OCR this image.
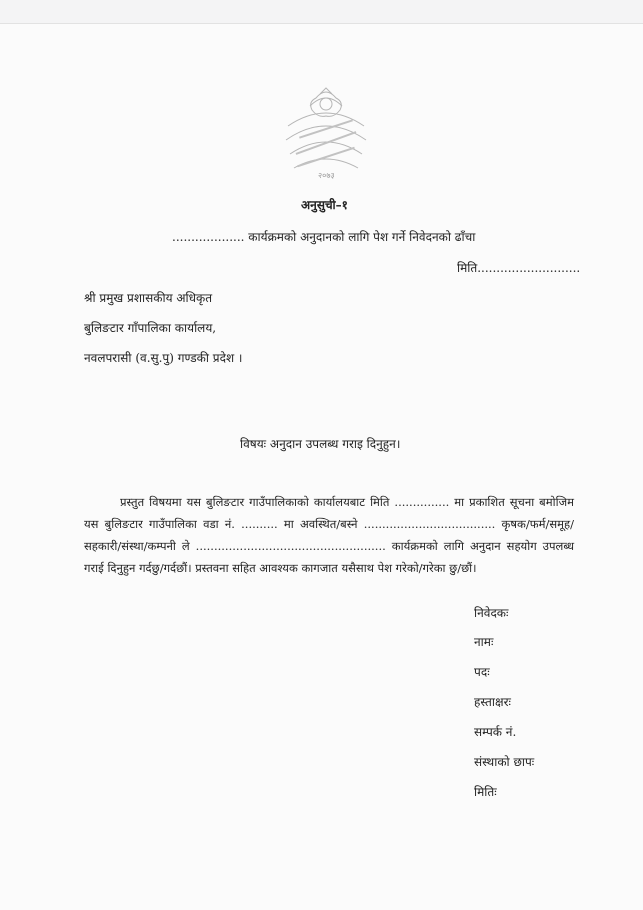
२०७३
अनुसुची–१
................... कार्यक्रमको अनुदानको लागि पेश गर्ने निवेदनको ढाँचा
मिति...........................
श्री प्रमुख प्रशासकीय अधिकृत
बुलिङटार गाँपालिका कार्यालय,
नवलपरासी (व.सु.पु) गण्डकी प्रदेश ।
विषयः अनुदान उपलब्ध गराइ दिनुहुन।
प्रस्तुत विषयमा यस बुलिङटार गाउँपालिकाको कार्यालयबाट मिति ............... मा प्रकाशित सूचना बमोजिम यस बुलिङटार गाउँपालिका वडा नं. .......... मा अवस्थित/बस्ने .................................... कृषक/फर्म/समूह/सहकारी/संस्था/कम्पनी ले .................................................... कार्यक्रमको लागि अनुदान सहयोग उपलब्ध गराई दिनुहुन गर्दछु/गर्दछौं। प्रस्तवना सहित आवश्यक कागजात यसैसाथ पेश गरेको/गरेका छु/छौं।
निवेदकः
नामः
पदः
हस्ताक्षरः
सम्पर्क नं.
संस्थाको छापः
मितिः
